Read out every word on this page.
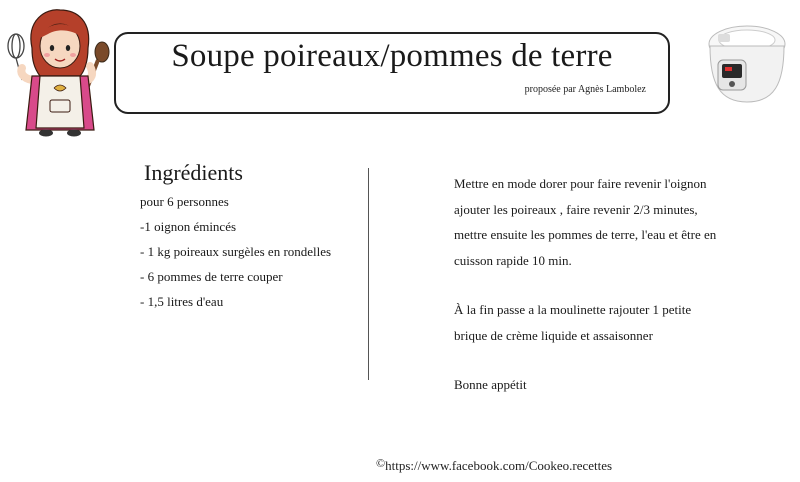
Soupe poireaux/pommes de terre
proposée par Agnès Lambolez
Ingrédients
pour 6 personnes
-1 oignon émincés
- 1 kg poireaux surgèles en rondelles
- 6 pommes de terre couper
- 1,5 litres d'eau
Mettre en mode dorer pour faire revenir l'oignon
ajouter les poireaux , faire revenir 2/3 minutes,
mettre ensuite les pommes de terre, l'eau et être en
cuisson rapide 10 min.
À la fin passe a la moulinette rajouter 1 petite
brique de crème liquide et assaisonner
Bonne appétit
©https://www.facebook.com/Cookeo.recettes
